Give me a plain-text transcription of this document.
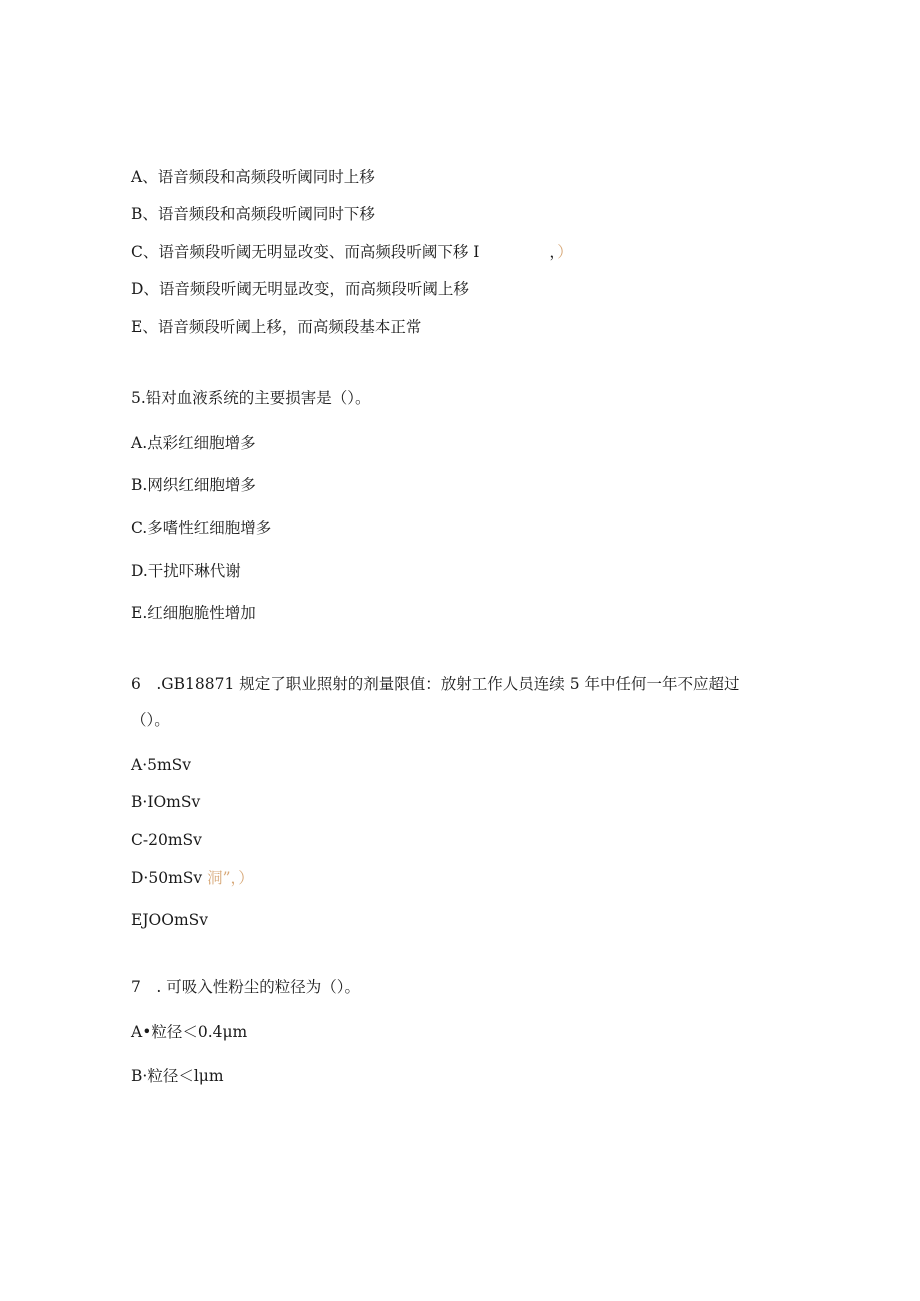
A、语音频段和高频段听阈同时上移
B、语音频段和高频段听阈同时下移
C、语音频段听阈无明显改变、而高频段听阈下移 I	，）
D、语音频段听阈无明显改变，而高频段听阈上移
E、语音频段听阈上移，而高频段基本正常
5.铅对血液系统的主要损害是（）。
A.点彩红细胞增多
B.网织红细胞增多
C.多嗜性红细胞增多
D.干扰吓琳代谢
E.红细胞脆性增加
6　.GB18871 规定了职业照射的剂量限值：放射工作人员连续 5 年中任何一年不应超过
（）。
A·5mSv
B·IOmSv
C-20mSv
D·50mSv 洞”，）
EJOOmSv
7　. 可吸入性粉尘的粒径为（）。
A•粒径＜0.4μm
B·粒径＜lμm
